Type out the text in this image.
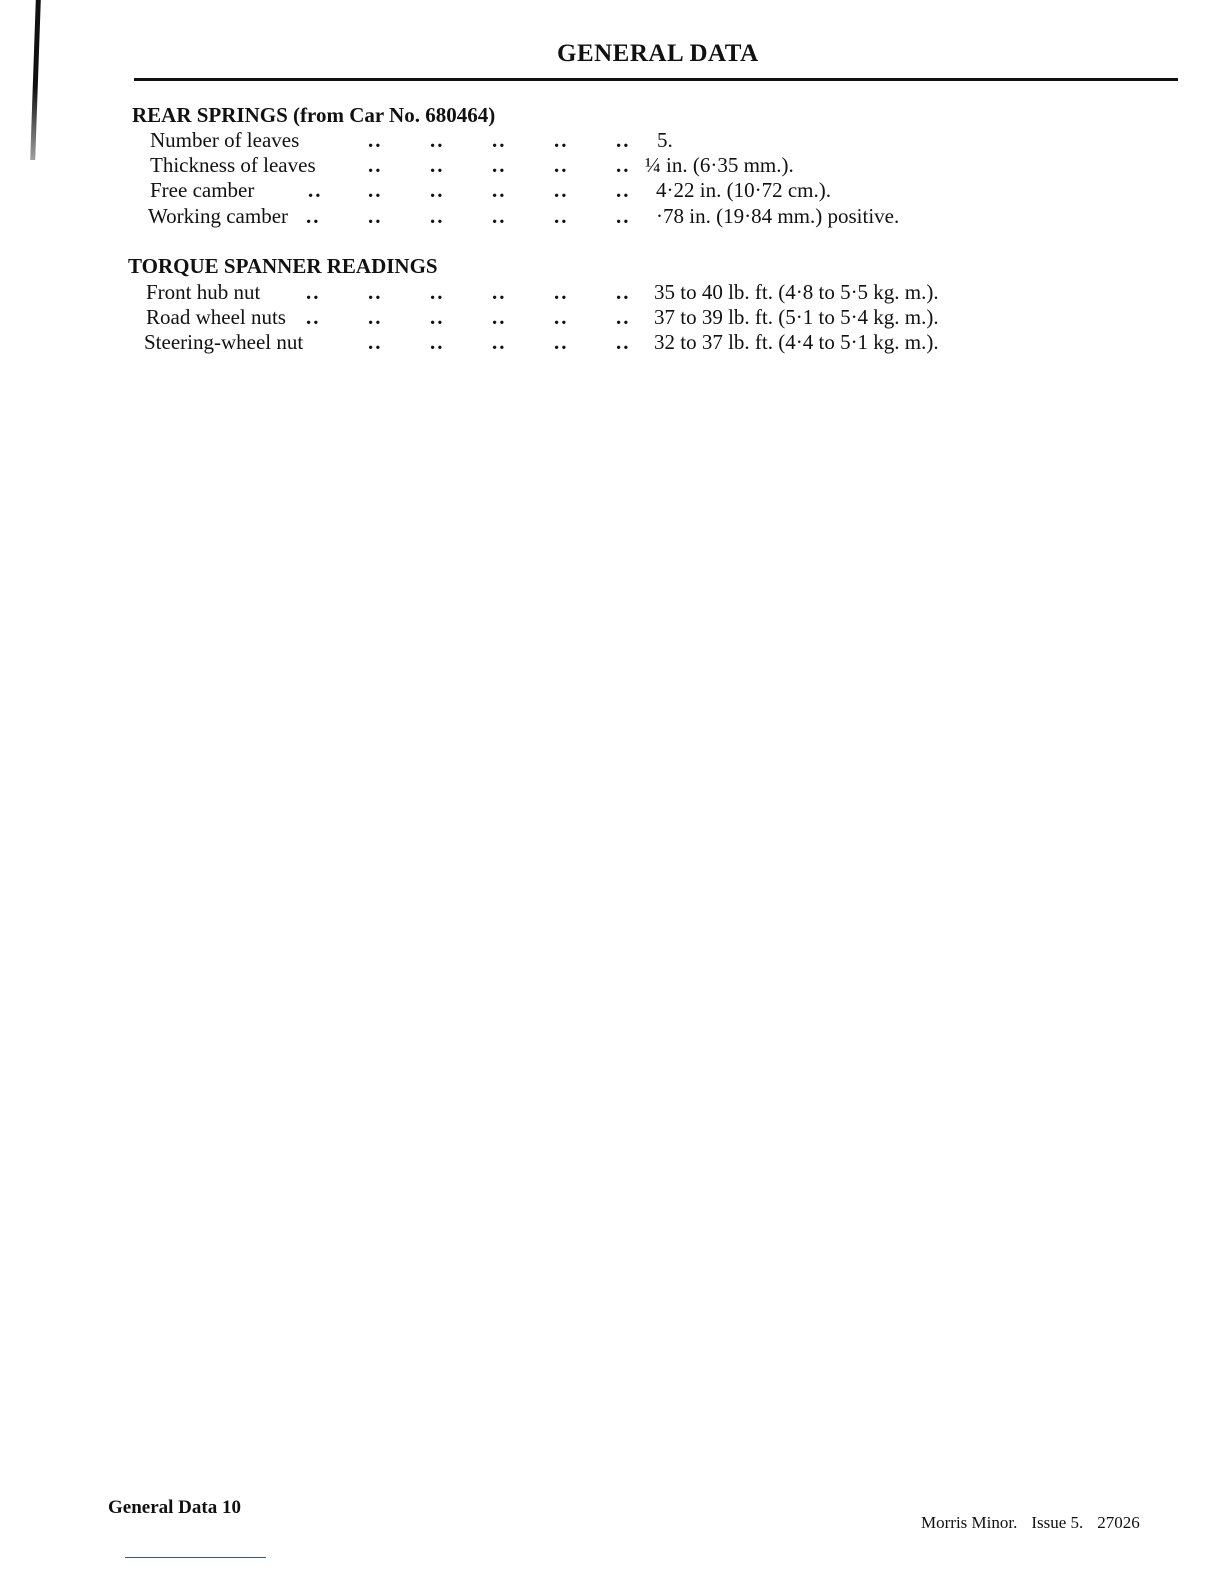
GENERAL DATA
REAR SPRINGS (from Car No. 680464)
Number of leaves	.. .. .. .. .. 5.
Thickness of leaves .. .. .. .. .. ¼ in. (6·35 mm.).
Free camber	.. .. .. .. .. .. 4·22 in. (10·72 cm.).
Working camber .. .. .. .. .. .. ·78 in. (19·84 mm.) positive.
TORQUE SPANNER READINGS
Front hub nut .. .. .. .. .. .. 35 to 40 lb. ft. (4·8 to 5·5 kg. m.).
Road wheel nuts .. .. .. .. .. .. 37 to 39 lb. ft. (5·1 to 5·4 kg. m.).
Steering-wheel nut	.. .. .. .. .. 32 to 37 lb. ft. (4·4 to 5·1 kg. m.).
General Data 10
Morris Minor. Issue 5. 27026
